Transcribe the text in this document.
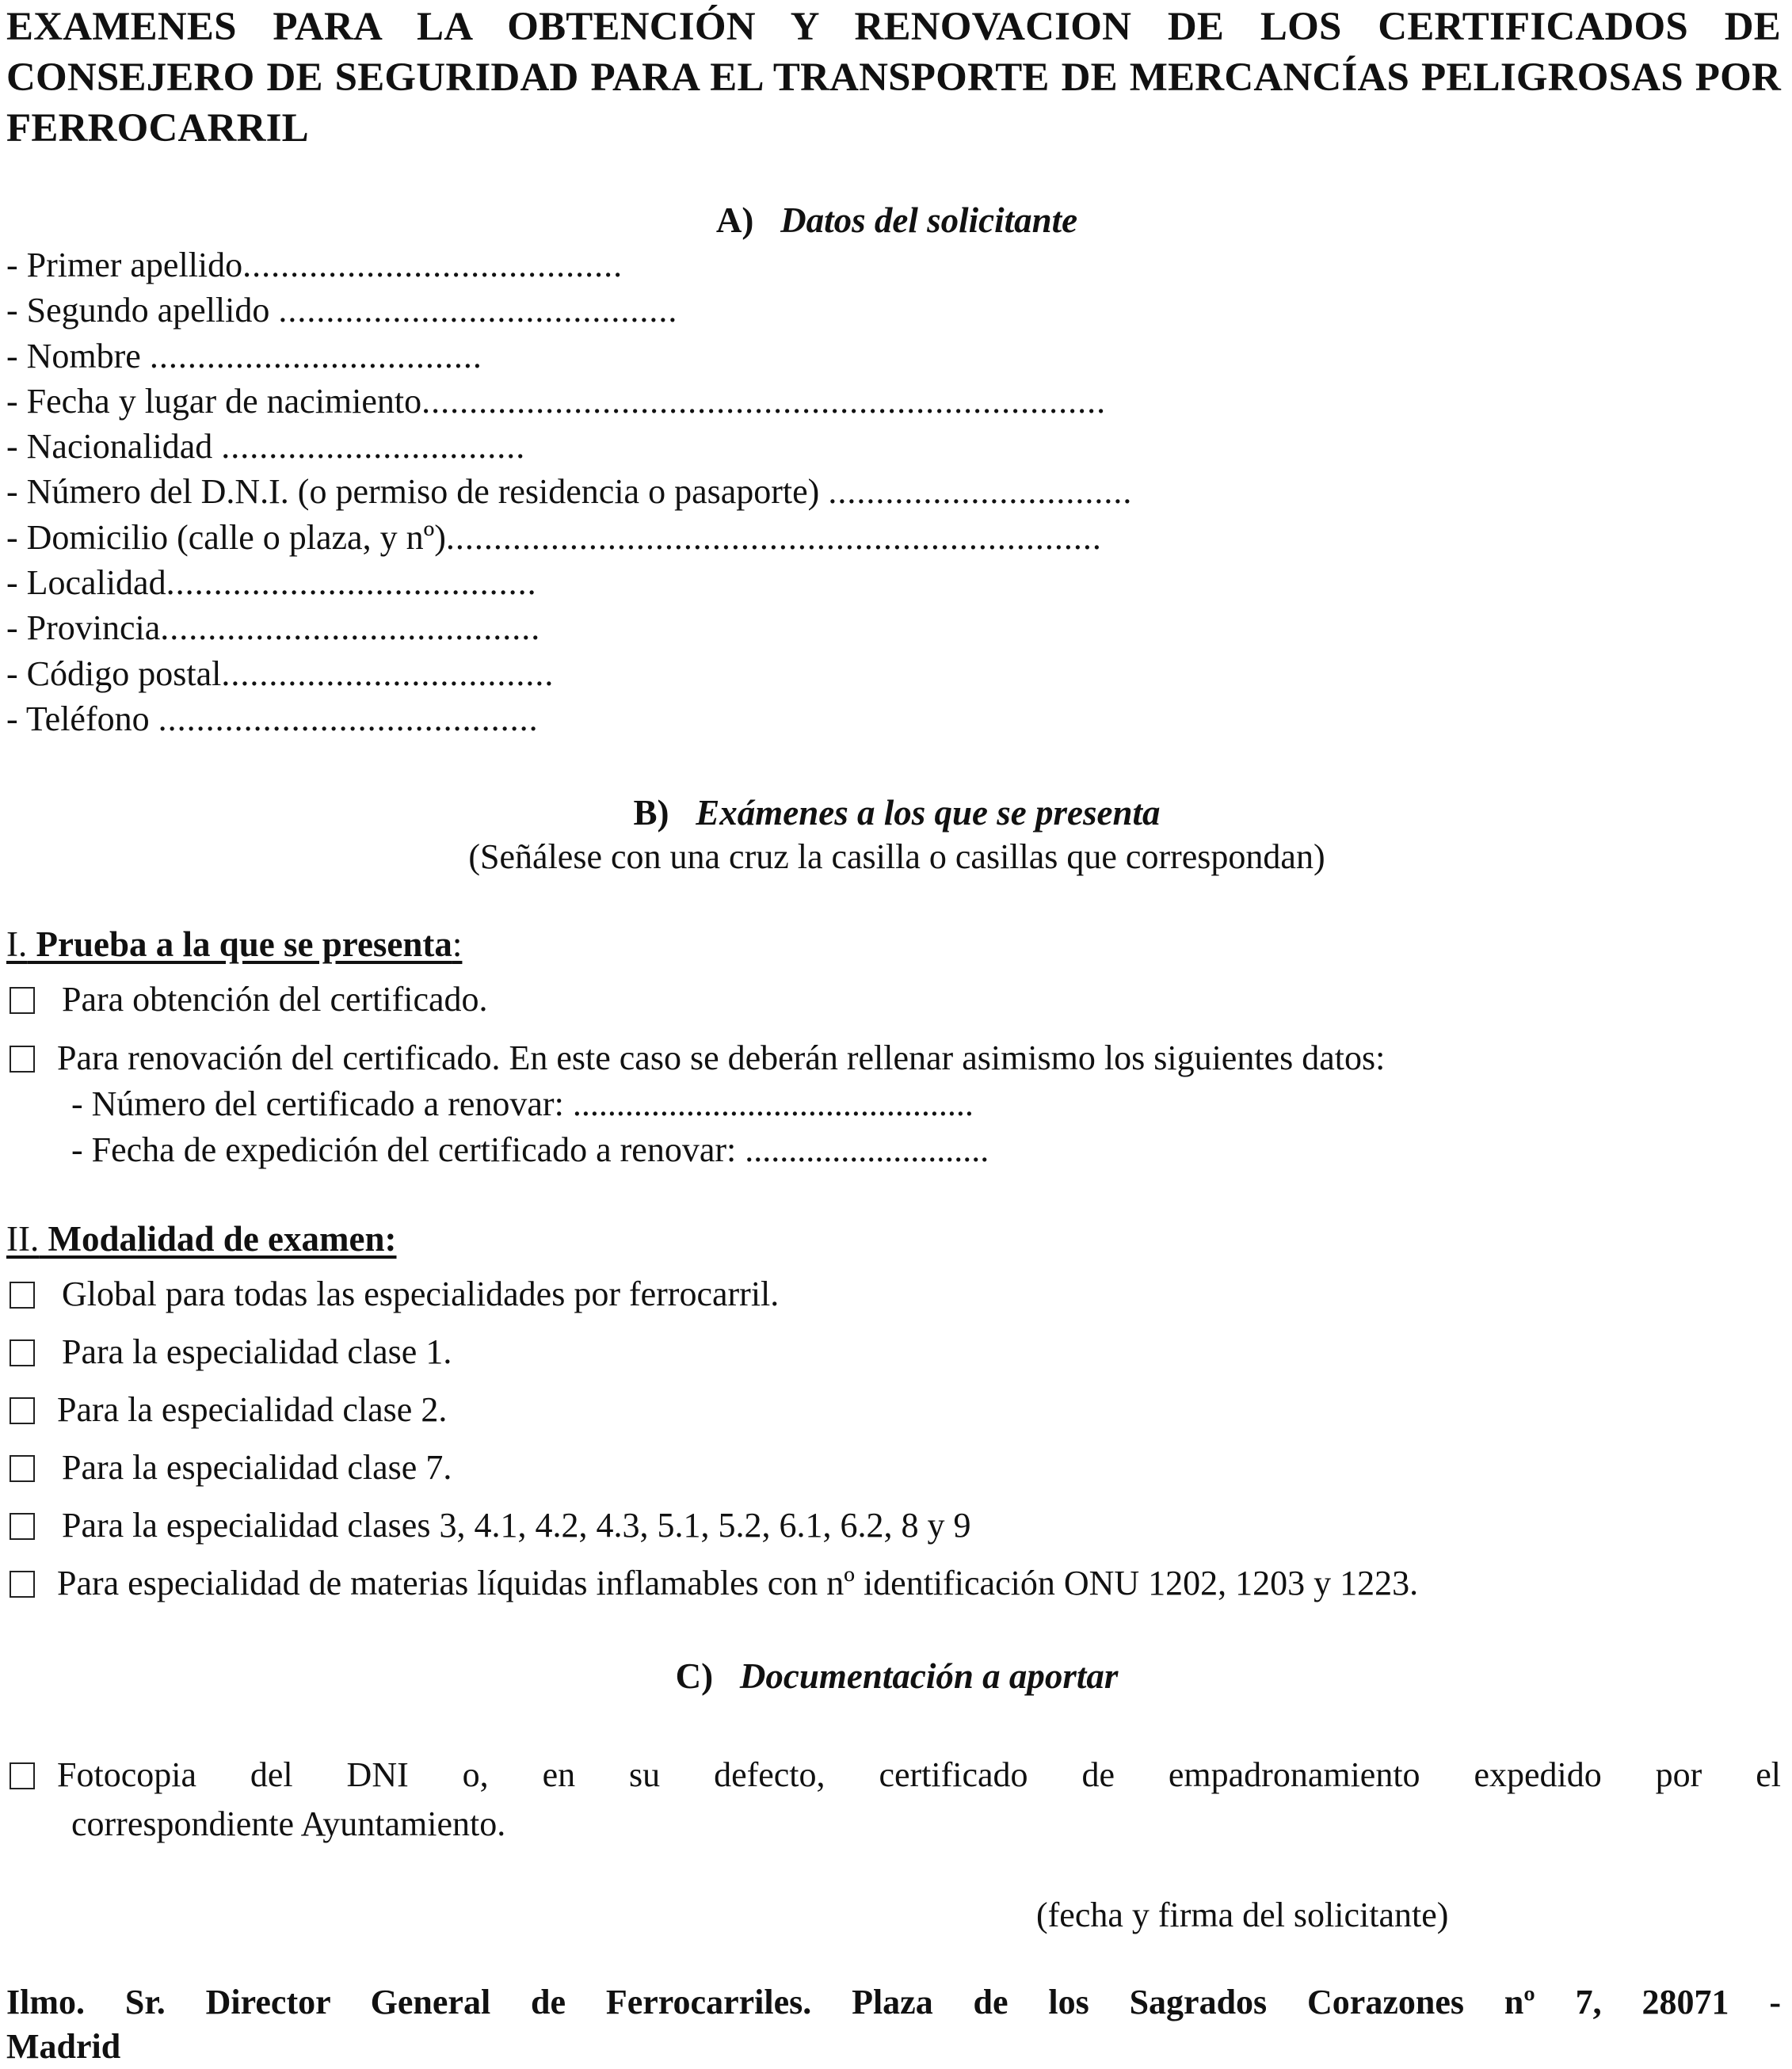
EXAMENES PARA LA OBTENCIÓN Y RENOVACION DE LOS CERTIFICADOS DE CONSEJERO DE SEGURIDAD PARA EL TRANSPORTE DE MERCANCÍAS PELIGROSAS POR FERROCARRIL
A) Datos del solicitante
- Primer apellido........................................
- Segundo apellido ..........................................
- Nombre ...................................
- Fecha y lugar de nacimiento........................................................................
- Nacionalidad ................................
- Número del D.N.I. (o permiso de residencia o pasaporte) ................................
- Domicilio (calle o plaza, y nº).....................................................................
- Localidad.......................................
- Provincia........................................
- Código postal...................................
- Teléfono ........................................
B) Exámenes a los que se presenta
(Señálese con una cruz la casilla o casillas que correspondan)
I. Prueba a la que se presenta:
Para obtención del certificado.
Para renovación del certificado. En este caso se deberán rellenar asimismo los siguientes datos:
- Número del certificado a renovar: ..............................................
- Fecha de expedición del certificado a renovar: ............................
II. Modalidad de examen:
Global para todas las especialidades por ferrocarril.
Para la especialidad clase 1.
Para la especialidad clase 2.
Para la especialidad clase 7.
Para la especialidad clases 3, 4.1, 4.2, 4.3, 5.1, 5.2, 6.1, 6.2, 8 y 9
Para especialidad de materias líquidas inflamables con nº identificación ONU 1202, 1203 y 1223.
C) Documentación a aportar
Fotocopia del DNI o, en su defecto, certificado de empadronamiento expedido por el
correspondiente Ayuntamiento.
(fecha y firma del solicitante)
Ilmo. Sr. Director General de Ferrocarriles. Plaza de los Sagrados Corazones nº 7, 28071 -
Madrid
